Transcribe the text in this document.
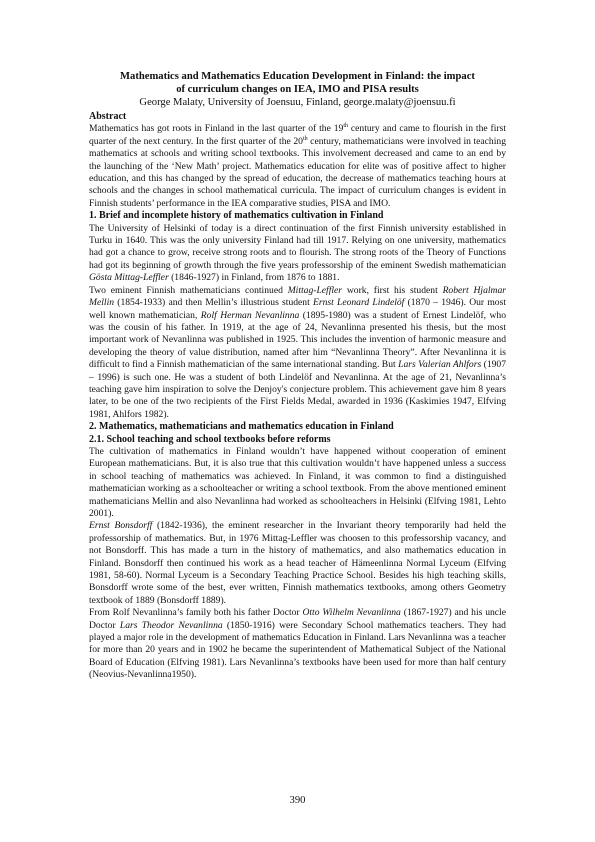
Mathematics and Mathematics Education Development in Finland: the impact
of curriculum changes on IEA, IMO and PISA results

George Malaty, University of Joensuu, Finland, george.malaty@joensuu.fi

Abstract

Mathematics has got roots in Finland in the last quarter of the 19th century and came to flourish in the first quarter of the next century. In the first quarter of the 20th century, mathematicians were involved in teaching mathematics at schools and writing school textbooks. This involvement decreased and came to an end by the launching of the ‘New Math’ project. Mathematics education for elite was of positive affect to higher education, and this has changed by the spread of education, the decrease of mathematics teaching hours at schools and the changes in school mathematical curricula. The impact of curriculum changes is evident in Finnish students’ performance in the IEA comparative studies, PISA and IMO.

1. Brief and incomplete history of mathematics cultivation in Finland

The University of Helsinki of today is a direct continuation of the first Finnish university established in Turku in 1640. This was the only university Finland had till 1917. Relying on one university, mathematics had got a chance to grow, receive strong roots and to flourish. The strong roots of the Theory of Functions had got its beginning of growth through the five years professorship of the eminent Swedish mathematician Gösta Mittag-Leffler (1846-1927) in Finland, from 1876 to 1881.

Two eminent Finnish mathematicians continued Mittag-Leffler work, first his student Robert Hjalmar Mellin (1854-1933) and then Mellin’s illustrious student Ernst Leonard Lindelöf (1870 – 1946). Our most well known mathematician, Rolf Herman Nevanlinna (1895-1980) was a student of Ernest Lindelöf, who was the cousin of his father. In 1919, at the age of 24, Nevanlinna presented his thesis, but the most important work of Nevanlinna was published in 1925. This includes the invention of harmonic measure and developing the theory of value distribution, named after him “Nevanlinna Theory”. After Nevanlinna it is difficult to find a Finnish mathematician of the same international standing. But Lars Valerian Ahlfors (1907 – 1996) is such one. He was a student of both Lindelöf and Nevanlinna. At the age of 21, Nevanlinna’s teaching gave him inspiration to solve the Denjoy's conjecture problem. This achievement gave him 8 years later, to be one of the two recipients of the First Fields Medal, awarded in 1936 (Kaskimies 1947, Elfving 1981, Ahlfors 1982).

2. Mathematics, mathematicians and mathematics education in Finland

2.1. School teaching and school textbooks before reforms

The cultivation of mathematics in Finland wouldn’t have happened without cooperation of eminent European mathematicians. But, it is also true that this cultivation wouldn’t have happened unless a success in school teaching of mathematics was achieved. In Finland, it was common to find a distinguished mathematician working as a schoolteacher or writing a school textbook. From the above mentioned eminent mathematicians Mellin and also Nevanlinna had worked as schoolteachers in Helsinki (Elfving 1981, Lehto 2001).

Ernst Bonsdorff (1842-1936), the eminent researcher in the Invariant theory temporarily had held the professorship of mathematics. But, in 1976 Mittag-Leffler was choosen to this professorship vacancy, and not Bonsdorff. This has made a turn in the history of mathematics, and also mathematics education in Finland. Bonsdorff then continued his work as a head teacher of Hämeenlinna Normal Lyceum (Elfving 1981, 58-60). Normal Lyceum is a Secondary Teaching Practice School. Besides his high teaching skills, Bonsdorff wrote some of the best, ever written, Finnish mathematics textbooks, among others Geometry textbook of 1889 (Bonsdorff 1889).

From Rolf Nevanlinna’s family both his father Doctor Otto Wilhelm Nevanlinna (1867-1927) and his uncle Doctor Lars Theodor Nevanlinna (1850-1916) were Secondary School mathematics teachers. They had played a major role in the development of mathematics Education in Finland. Lars Nevanlinna was a teacher for more than 20 years and in 1902 he became the superintendent of Mathematical Subject of the National Board of Education (Elfving 1981). Lars Nevanlinna’s textbooks have been used for more than half century (Neovius-Nevanlinna1950).

390
